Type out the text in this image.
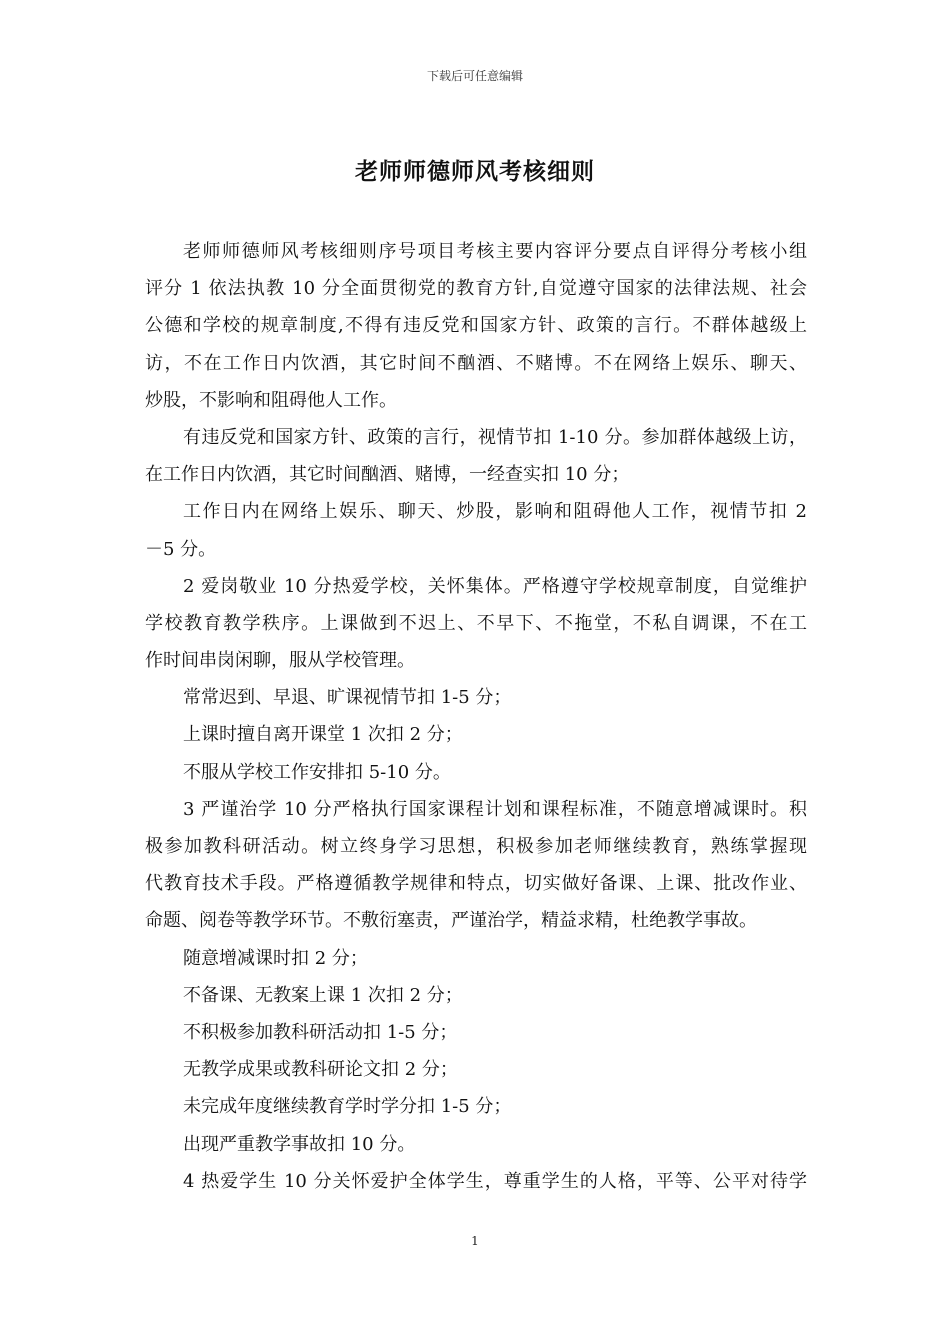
下载后可任意编辑
老师师德师风考核细则
老师师德师风考核细则序号项目考核主要内容评分要点自评得分考核小组
评分 1 依法执教 10 分全面贯彻党的教育方针,自觉遵守国家的法律法规、社会
公德和学校的规章制度,不得有违反党和国家方针、政策的言行。不群体越级上
访，不在工作日内饮酒，其它时间不酗酒、不赌博。不在网络上娱乐、聊天、
炒股，不影响和阻碍他人工作。
有违反党和国家方针、政策的言行，视情节扣 1-10 分。参加群体越级上访，
在工作日内饮酒，其它时间酗酒、赌博，一经查实扣 10 分；
工作日内在网络上娱乐、聊天、炒股，影响和阻碍他人工作，视情节扣 2
－5 分。
2 爱岗敬业 10 分热爱学校，关怀集体。严格遵守学校规章制度，自觉维护
学校教育教学秩序。上课做到不迟上、不早下、不拖堂，不私自调课，不在工
作时间串岗闲聊，服从学校管理。
常常迟到、早退、旷课视情节扣 1-5 分；
上课时擅自离开课堂 1 次扣 2 分；
不服从学校工作安排扣 5-10 分。
3 严谨治学 10 分严格执行国家课程计划和课程标准，不随意增减课时。积
极参加教科研活动。树立终身学习思想，积极参加老师继续教育，熟练掌握现
代教育技术手段。严格遵循教学规律和特点，切实做好备课、上课、批改作业、
命题、阅卷等教学环节。不敷衍塞责，严谨治学，精益求精，杜绝教学事故。
随意增减课时扣 2 分；
不备课、无教案上课 1 次扣 2 分；
不积极参加教科研活动扣 1-5 分；
无教学成果或教科研论文扣 2 分；
未完成年度继续教育学时学分扣 1-5 分；
出现严重教学事故扣 10 分。
4 热爱学生 10 分关怀爱护全体学生，尊重学生的人格，平等、公平对待学
1
